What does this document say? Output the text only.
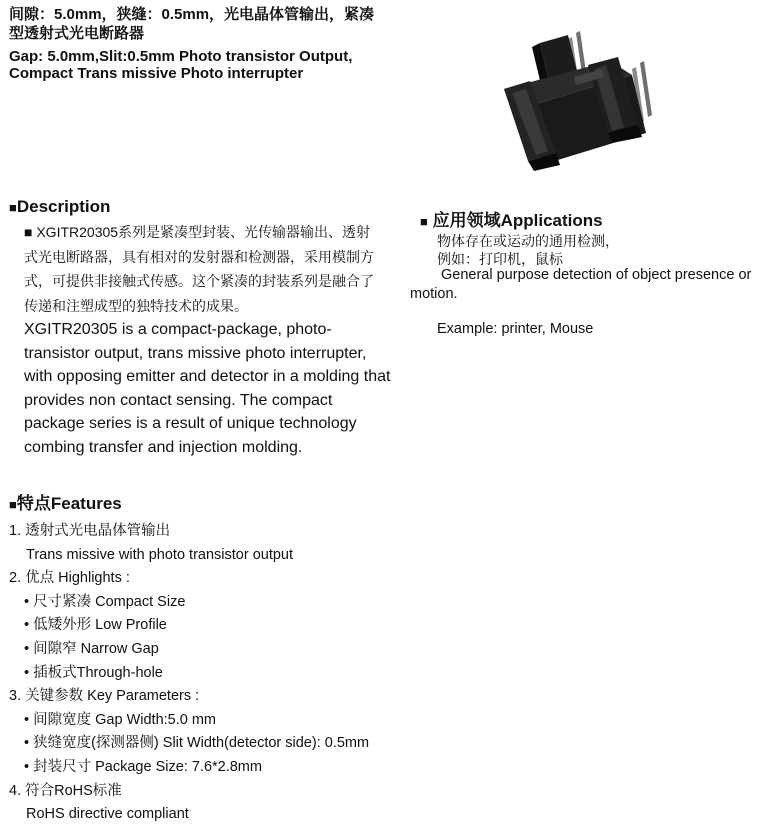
间隙：5.0mm，狭缝：0.5mm，光电晶体管输出，紧凑型透射式光电断路器
Gap: 5.0mm,Slit:0.5mm Photo transistor Output, Compact Trans missive Photo interrupter
■Description
■ XGITR20305系列是紧凑型封装、光传输器输出、透射式光电断路器，具有相对的发射器和检测器，采用模制方式，可提供非接触式传感。这个紧凑的封装系列是融合了传递和注塑成型的独特技术的成果。
XGITR20305 is a compact-package, photo-transistor output, trans missive photo interrupter, with opposing emitter and detector in a molding that provides non contact sensing. The compact package series is a result of unique technology combing transfer and injection molding.
■ 应用领域Applications
物体存在或运动的通用检测，
例如：打印机，鼠标
General purpose detection of object presence or motion.
Example: printer, Mouse
■特点Features
1. 透射式光电晶体管输出
Trans missive with photo transistor output
2. 优点 Highlights :
• 尺寸紧凑 Compact Size
• 低矮外形 Low Profile
• 间隙窄 Narrow Gap
• 插板式Through-hole
3. 关键参数 Key Parameters :
• 间隙宽度 Gap Width:5.0 mm
• 狭缝宽度(探测器侧) Slit Width(detector side): 0.5mm
• 封装尺寸 Package Size: 7.6*2.8mm
4. 符合RoHS标准
RoHS directive compliant
